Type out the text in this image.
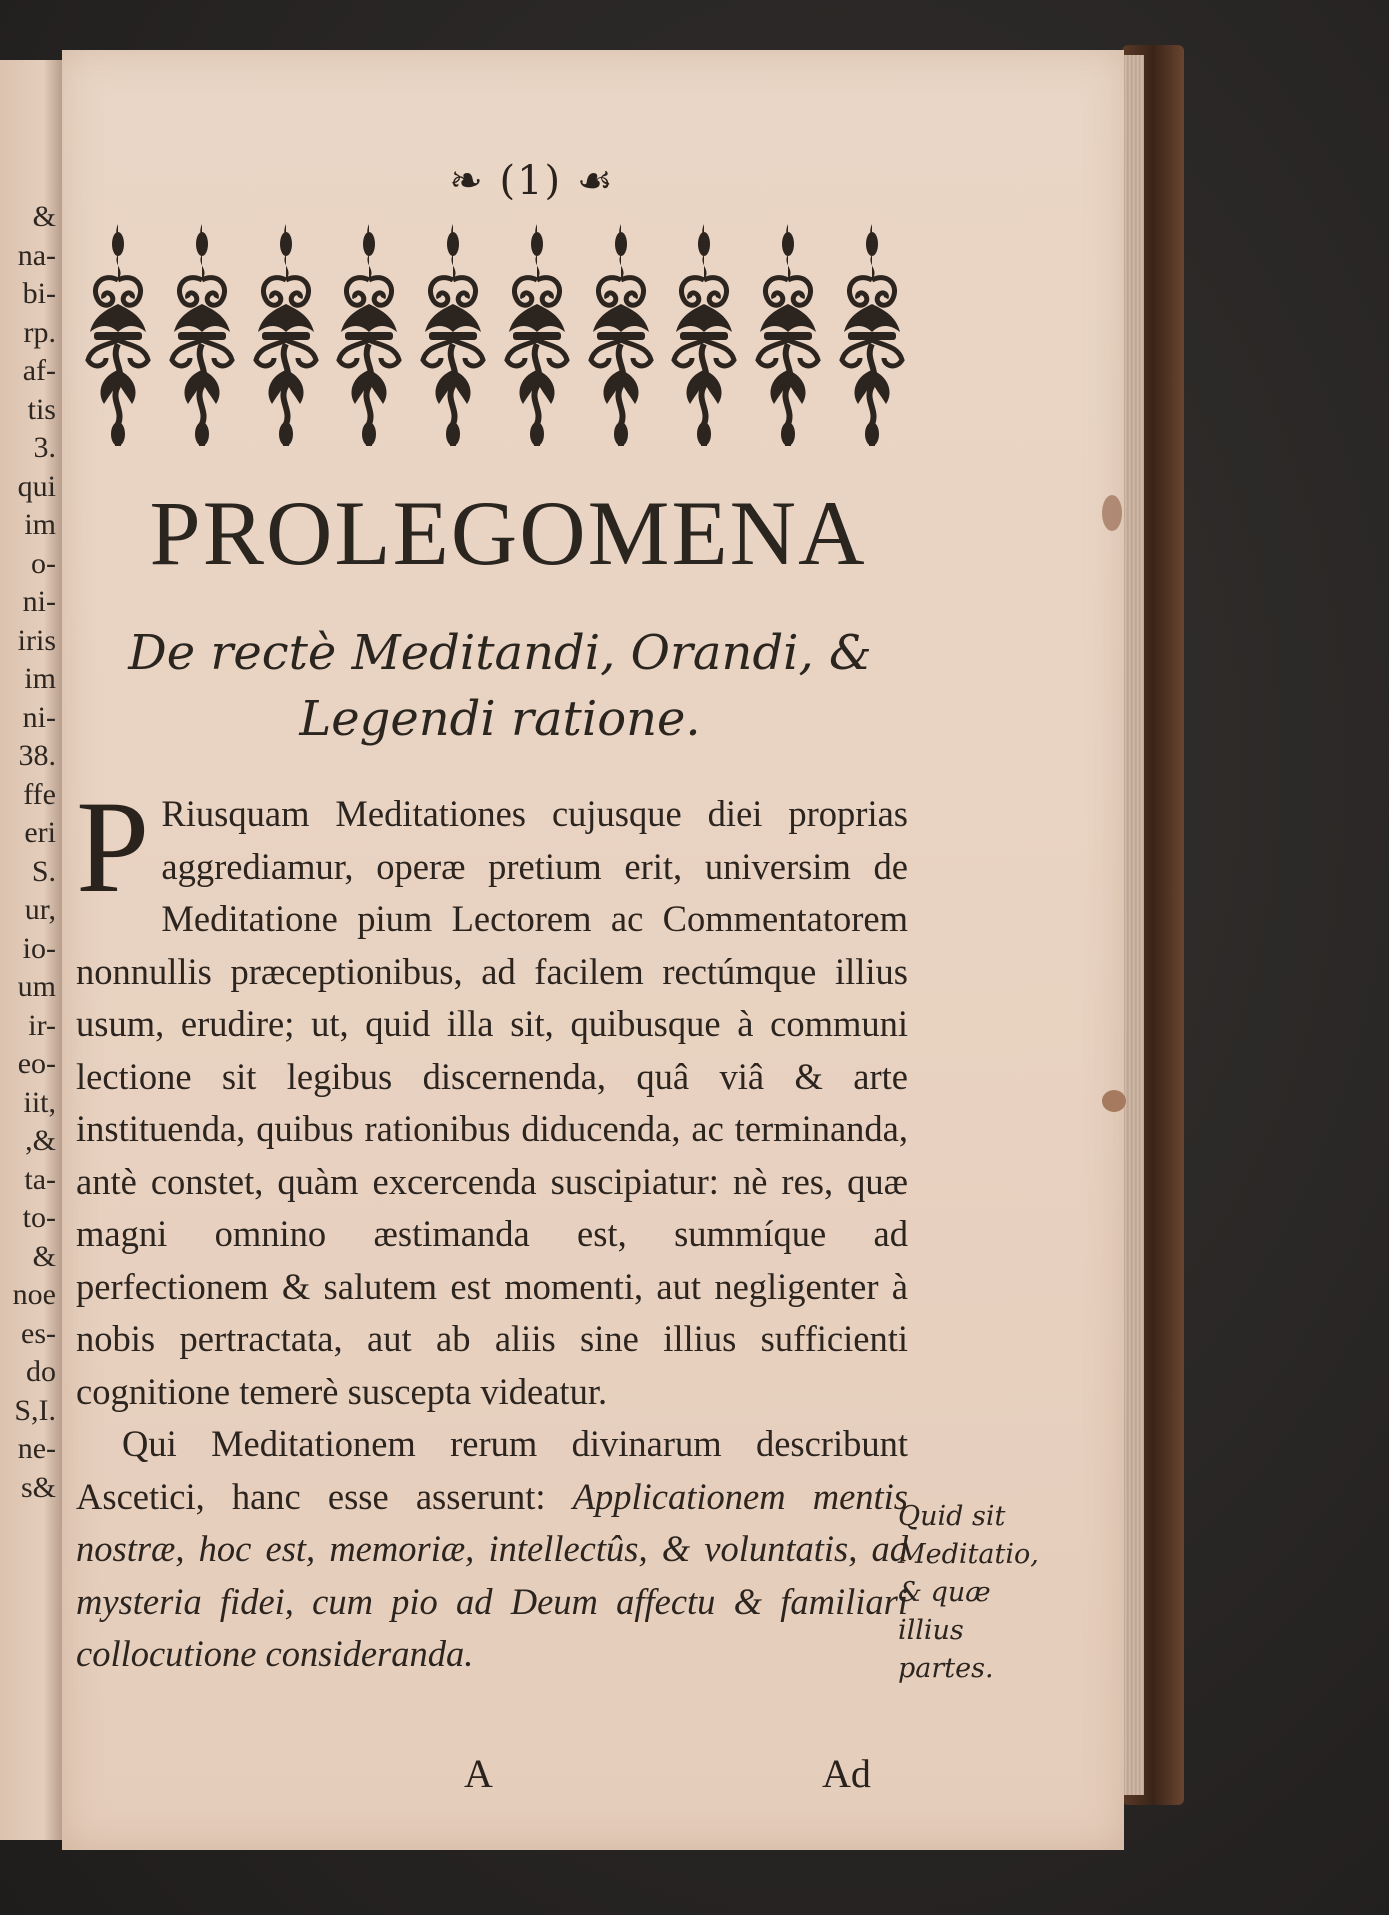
&
na-
bi-
rp.
af-
tis
3.
qui
im
o-
ni-
iris
im
ni-
38.
ffe
eri
S.
ur,
io-
um
ir-
eo-
iit,
,&
ta-
to-
&
noe
es-
do
S,I.
ne-
s&
❧ (1) ☙
PROLEGOMENA
De rectè Meditandi, Orandi, &
Legendi ratione.

P Riusquam Meditationes cujusque diei proprias aggrediamur, operæ pretium erit, universim de Meditatione pium Lectorem ac Commentatorem nonnullis præceptionibus, ad facilem rectúmque illius usum, erudire; ut, quid illa sit, quibusque à communi lectione sit legibus discernenda, quâ viâ & arte instituenda, quibus rationibus diducenda, ac terminanda, antè constet, quàm excercenda suscipiatur: nè res, quæ magni omnino æstimanda est, summíque ad perfectionem & salutem est momenti, aut negligenter à nobis pertractata, aut ab aliis sine illius sufficienti cognitione temerè suscepta videatur.

Qui Meditationem rerum divinarum describunt Ascetici, hanc esse asserunt: Applicationem mentis nostræ, hoc est, memoriæ, intellectûs, & voluntatis, ad mysteria fidei, cum pio ad Deum affectu & familiari collocutione consideranda.

Quid sit Meditatio, & quæ illius partes.
A	Ad
